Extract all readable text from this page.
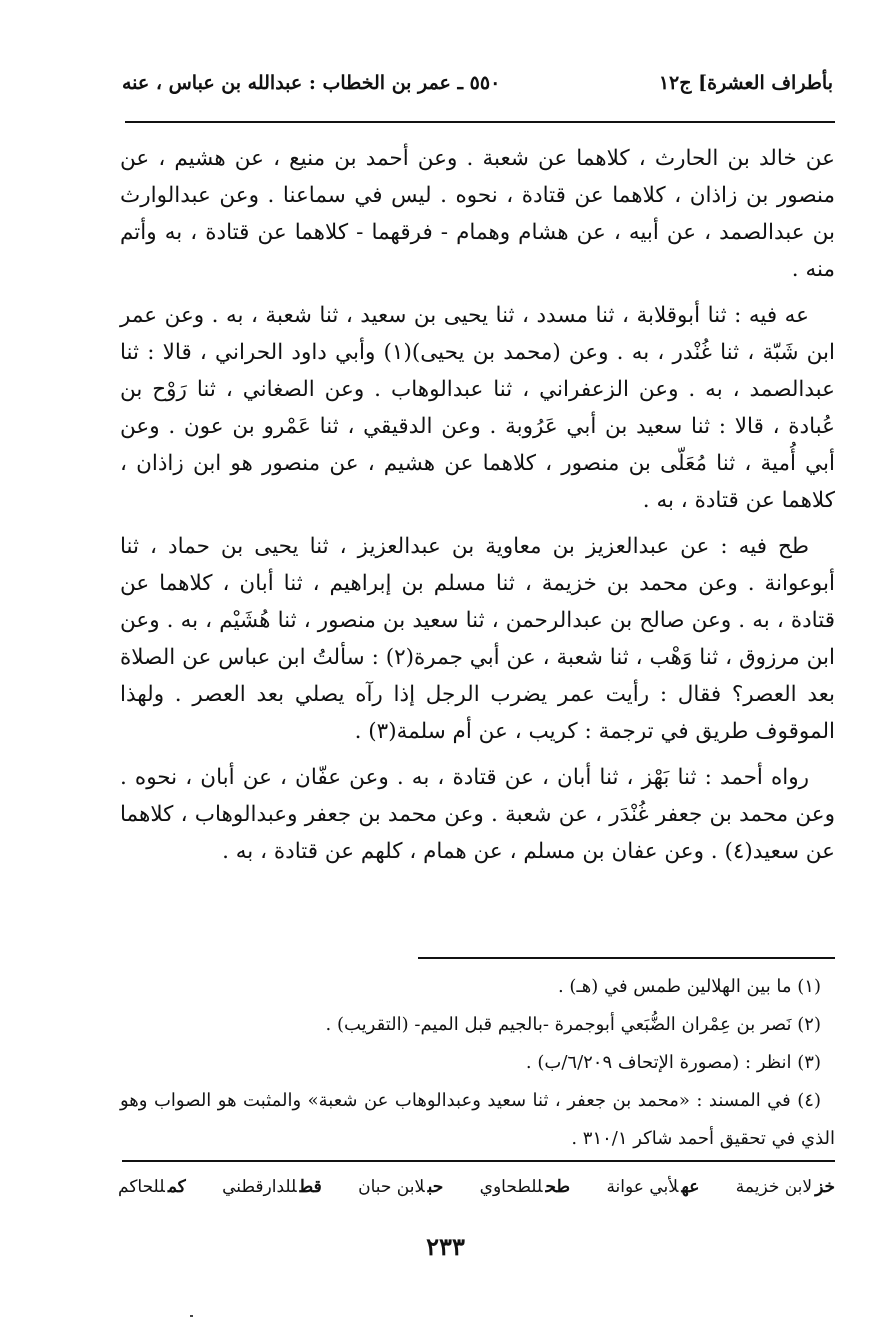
بأطراف العشرة] ج١٢
٥٥٠ ـ عمر بن الخطاب : عبدالله بن عباس ، عنه

عن خالد بن الحارث ، كلاهما عن شعبة . وعن أحمد بن منيع ، عن هشيم ، عن منصور بن زاذان ، كلاهما عن قتادة ، نحوه . ليس في سماعنا . وعن عبدالوارث بن عبدالصمد ، عن أبيه ، عن هشام وهمام - فرقهما - كلاهما عن قتادة ، به وأتم منه .

عه فيه : ثنا أبوقلابة ، ثنا مسدد ، ثنا يحيى بن سعيد ، ثنا شعبة ، به . وعن عمر ابن شَبّة ، ثنا غُنْدر ، به . وعن (محمد بن يحيى)(١) وأبي داود الحراني ، قالا : ثنا عبدالصمد ، به . وعن الزعفراني ، ثنا عبدالوهاب . وعن الصغاني ، ثنا رَوْح بن عُبادة ، قالا : ثنا سعيد بن أبي عَرُوبة . وعن الدقيقي ، ثنا عَمْرو بن عون . وعن أبي أُمية ، ثنا مُعَلّى بن منصور ، كلاهما عن هشيم ، عن منصور هو ابن زاذان ، كلاهما عن قتادة ، به .

طح فيه : عن عبدالعزيز بن معاوية بن عبدالعزيز ، ثنا يحيى بن حماد ، ثنا أبوعوانة . وعن محمد بن خزيمة ، ثنا مسلم بن إبراهيم ، ثنا أبان ، كلاهما عن قتادة ، به . وعن صالح بن عبدالرحمن ، ثنا سعيد بن منصور ، ثنا هُشَيْم ، به . وعن ابن مرزوق ، ثنا وَهْب ، ثنا شعبة ، عن أبي جمرة(٢) : سألتُ ابن عباس عن الصلاة بعد العصر؟ فقال : رأيت عمر يضرب الرجل إذا رآه يصلي بعد العصر . ولهذا الموقوف طريق في ترجمة : كريب ، عن أم سلمة(٣) .

رواه أحمد : ثنا بَهْز ، ثنا أبان ، عن قتادة ، به . وعن عفّان ، عن أبان ، نحوه . وعن محمد بن جعفر غُنْدَر ، عن شعبة . وعن محمد بن جعفر وعبدالوهاب ، كلاهما عن سعيد(٤) . وعن عفان بن مسلم ، عن همام ، كلهم عن قتادة ، به .

(١) ما بين الهلالين طمس في (هـ) .

(٢) نَصر بن عِمْران الضُّبَعي أبوجمرة -بالجيم قبل الميم- (التقريب) .

(٣) انظر : (مصورة الإتحاف ٦/٢٠٩/ب) .

(٤) في المسند : «محمد بن جعفر ، ثنا سعيد وعبدالوهاب عن شعبة» والمثبت هو الصواب وهو الذي في تحقيق أحمد شاكر ٣١٠/١ .

خزلابن خزيمة
عهلأبي عوانة
طحللطحاوي
حبلابن حبان
قطللدارقطني
كمللحاكم
٢٣٣
